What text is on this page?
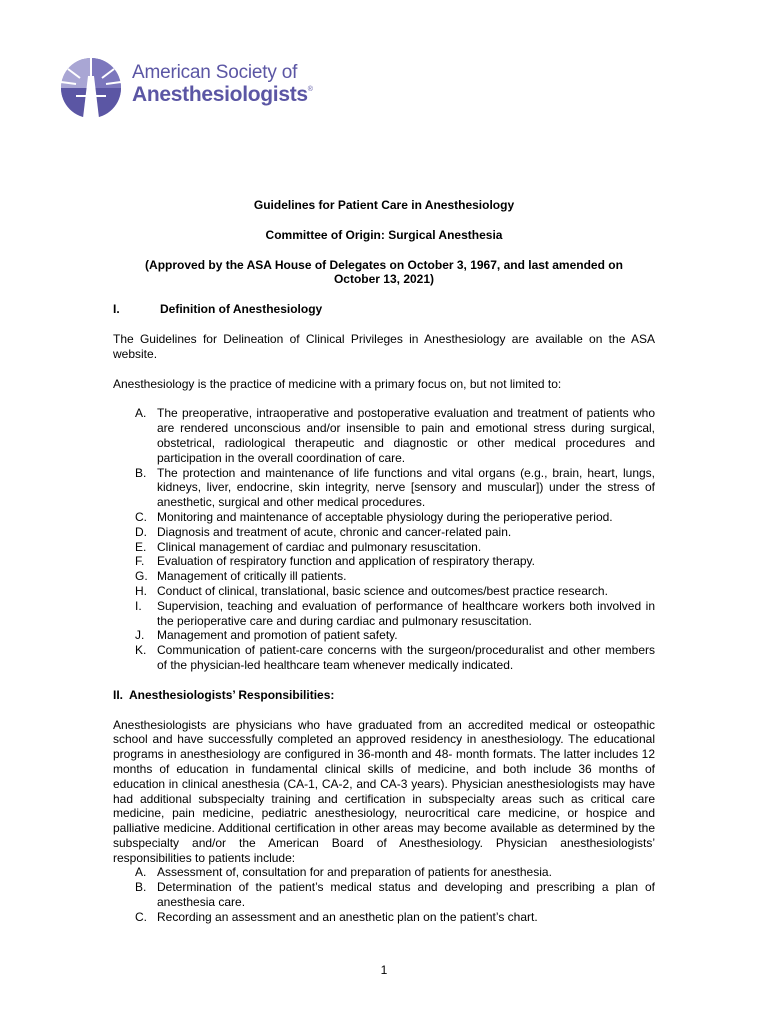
American Society of
Anesthesiologists®
Guidelines for Patient Care in Anesthesiology
Committee of Origin: Surgical Anesthesia
(Approved by the ASA House of Delegates on October 3, 1967, and last amended on October 13, 2021)
I.	Definition of Anesthesiology
The Guidelines for Delineation of Clinical Privileges in Anesthesiology are available on the ASA website.
Anesthesiology is the practice of medicine with a primary focus on, but not limited to:
A. The preoperative, intraoperative and postoperative evaluation and treatment of patients who are rendered unconscious and/or insensible to pain and emotional stress during surgical, obstetrical, radiological therapeutic and diagnostic or other medical procedures and participation in the overall coordination of care.
B. The protection and maintenance of life functions and vital organs (e.g., brain, heart, lungs, kidneys, liver, endocrine, skin integrity, nerve [sensory and muscular]) under the stress of anesthetic, surgical and other medical procedures.
C. Monitoring and maintenance of acceptable physiology during the perioperative period.
D. Diagnosis and treatment of acute, chronic and cancer-related pain.
E. Clinical management of cardiac and pulmonary resuscitation.
F.	Evaluation of respiratory function and application of respiratory therapy.
G. Management of critically ill patients.
H. Conduct of clinical, translational, basic science and outcomes/best practice research.
I.	Supervision, teaching and evaluation of performance of healthcare workers both involved in the perioperative care and during cardiac and pulmonary resuscitation.
J.	Management and promotion of patient safety.
K. Communication of patient-care concerns with the surgeon/proceduralist and other members of the physician-led healthcare team whenever medically indicated.
II. Anesthesiologists’ Responsibilities:
Anesthesiologists are physicians who have graduated from an accredited medical or osteopathic school and have successfully completed an approved residency in anesthesiology. The educational programs in anesthesiology are configured in 36-month and 48- month formats. The latter includes 12 months of education in fundamental clinical skills of medicine, and both include 36 months of education in clinical anesthesia (CA-1, CA-2, and CA-3 years). Physician anesthesiologists may have had additional subspecialty training and certification in subspecialty areas such as critical care medicine, pain medicine, pediatric anesthesiology, neurocritical care medicine, or hospice and palliative medicine. Additional certification in other areas may become available as determined by the subspecialty and/or the American Board of Anesthesiology. Physician anesthesiologists’ responsibilities to patients include:
A. Assessment of, consultation for and preparation of patients for anesthesia.
B. Determination of the patient’s medical status and developing and prescribing a plan of anesthesia care.
C. Recording an assessment and an anesthetic plan on the patient’s chart.
1
